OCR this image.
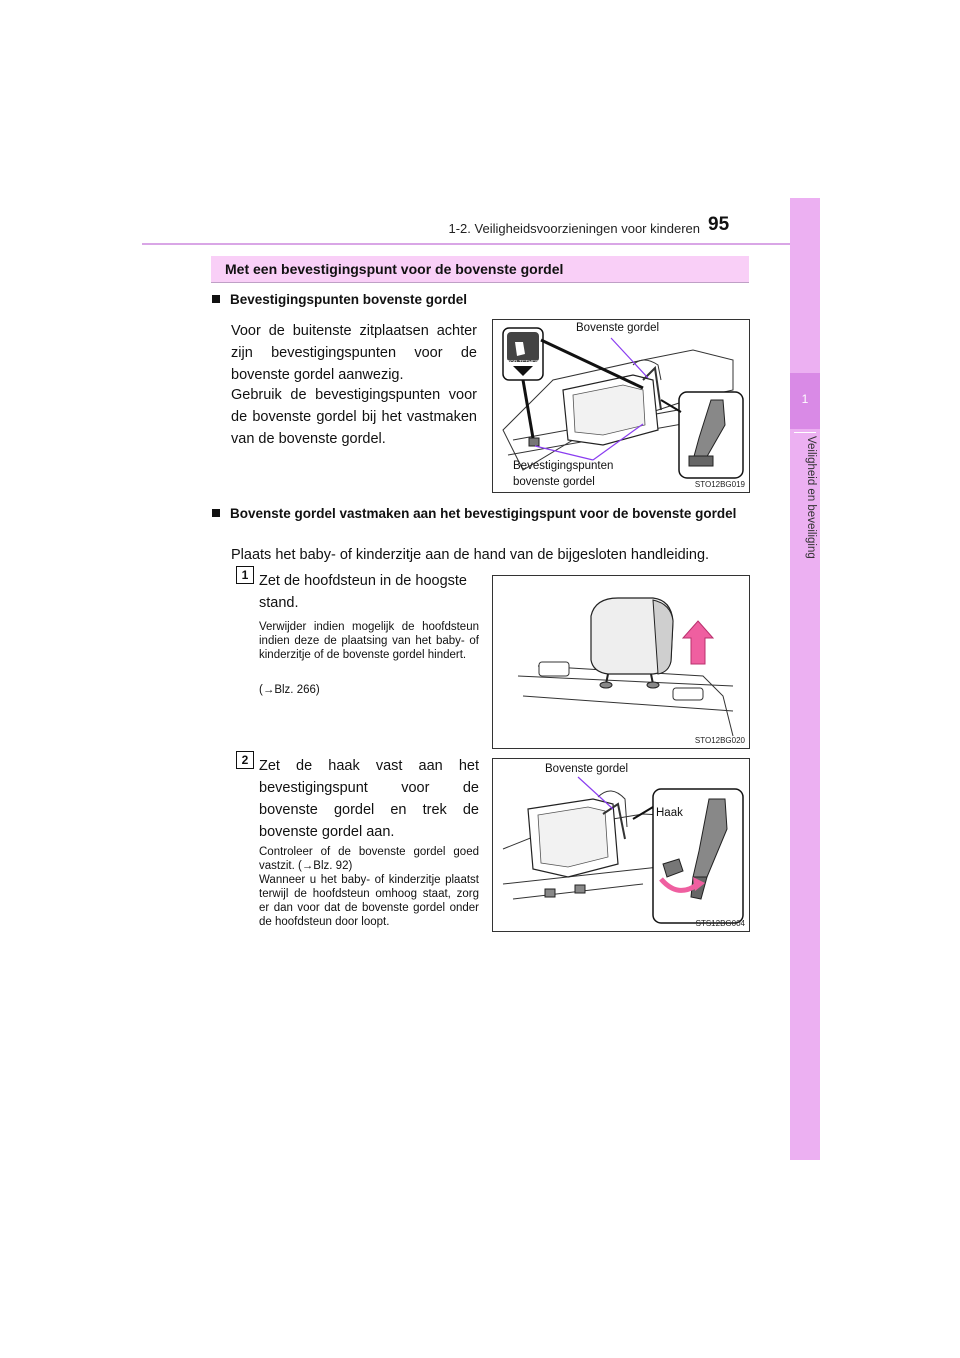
1-2. Veiligheidsvoorzieningen voor kinderen 95
1
Veiligheid en beveiliging
Met een bevestigingspunt voor de bovenste gordel
Bevestigingspunten bovenste gordel
Voor de buitenste zitplaatsen achter zijn bevestigingspunten voor de bovenste gordel aanwezig.
Gebruik de bevestigingspunten voor de bovenste gordel bij het vastmaken van de bovenste gordel.
TOP-TETHER
Bovenste gordel
Bevestigingspunten
bovenste gordel	STO12BG019
Bovenste gordel vastmaken aan het bevestigingspunt voor de bovenste gordel
Plaats het baby- of kinderzitje aan de hand van de bijgesloten handleiding.
1 Zet de hoofdsteun in de hoogste stand.
Verwijder indien mogelijk de hoofdsteun indien deze de plaatsing van het baby- of kinderzitje of de bovenste gordel hindert.
(→Blz. 266)
STO12BG020
2 Zet de haak vast aan het bevestigingspunt voor de bovenste gordel en trek de bovenste gordel aan.
Controleer of de bovenste gordel goed vastzit. (→Blz. 92)
Wanneer u het baby- of kinderzitje plaatst terwijl de hoofdsteun omhoog staat, zorg er dan voor dat de bovenste gordel onder de hoofdsteun door loopt.
Bovenste gordel
Haak
STS12BG004
